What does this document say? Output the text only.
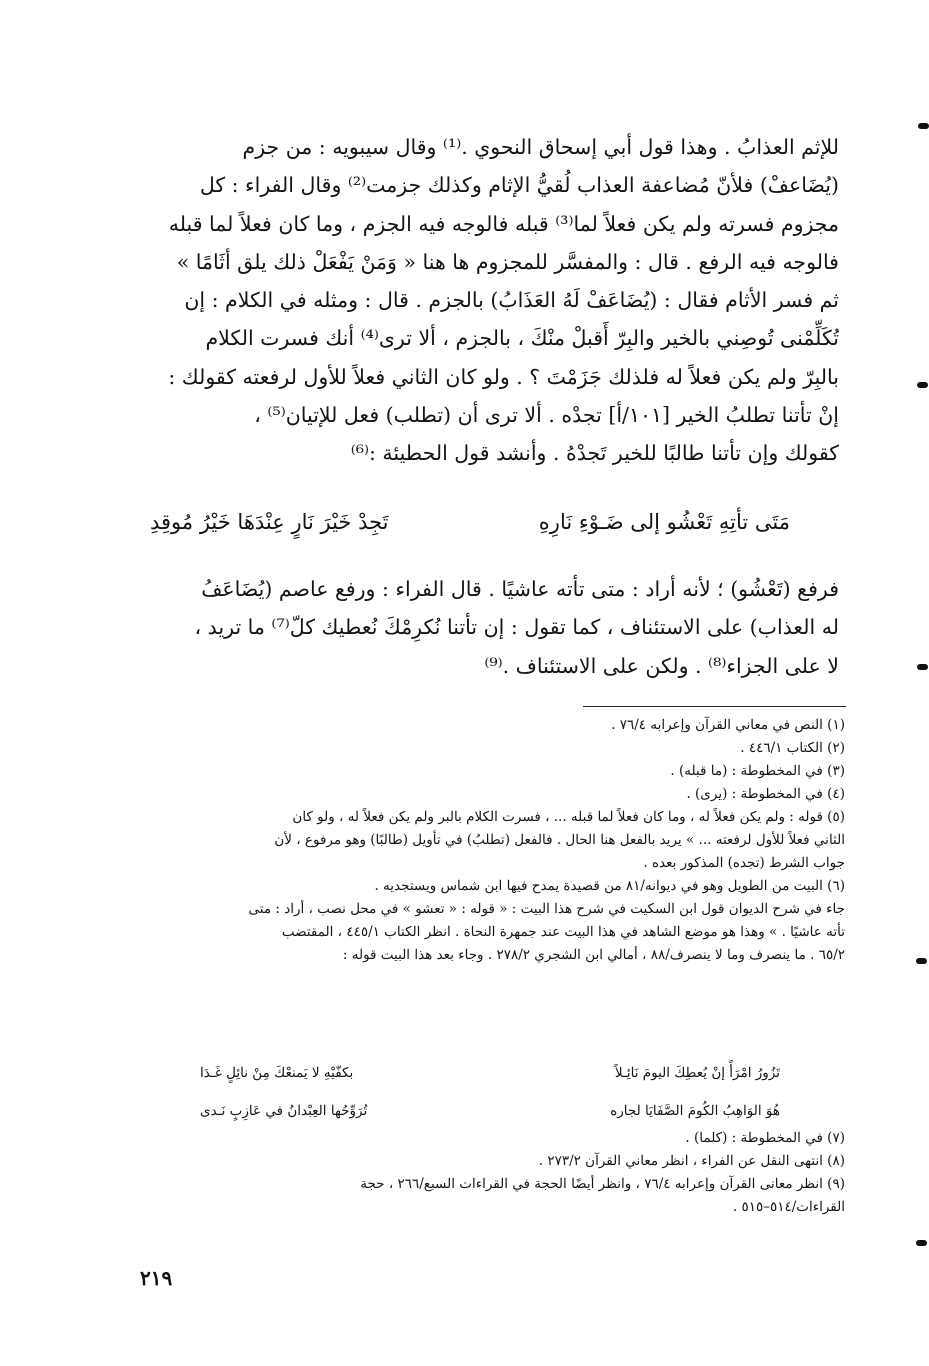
للإثم العذابُ . وهذا قول أبي إسحاق النحوي .⁽¹⁾ وقال سيبويه : من جزم
(يُضَاعفْ) فلأنّ مُضاعفة العذاب لُقيُّ الإثام وكذلك جزمت⁽²⁾ وقال الفراء : كل
مجزوم فسرته ولم يكن فعلاً لما⁽³⁾ قبله فالوجه فيه الجزم ، وما كان فعلاً لما قبله
فالوجه فيه الرفع . قال : والمفسَّر للمجزوم ها هنا « وَمَنْ يَفْعَلْ ذلك يلق أثَامًا »
ثم فسر الأثام فقال : (يُضَاعَفْ لَهُ العَذَابُ) بالجزم . قال : ومثله في الكلام : إن
تُكَلِّمْنى تُوصِني بالخير والبِرّ أَقبلْ منْكَ ، بالجزم ، ألا ترى⁽⁴⁾ أنك فسرت الكلام
بالبِرّ ولم يكن فعلاً له فلذلك جَزَمْتَ ؟ . ولو كان الثاني فعلاً للأول لرفعته كقولك :
إنْ تأتنا تطلبُ الخير [١٠١/أ] تجدْه . ألا ترى أن (تطلب) فعل للإتيان⁽⁵⁾ ،
كقولك وإن تأتنا طالبًا للخير تَجدْهُ . وأنشد قول الحطيئة :⁽⁶⁾
مَتَى تأتِهِ تَعْشُو إلى ضَـوْءِ نَارِهِ
تَجِدْ خَيْرَ نَارٍ عِنْدَهَا خَيْرُ مُوقِدِ
فرفع (تَعْشُو) ؛ لأنه أراد : متى تأته عاشيًا . قال الفراء : ورفع عاصم (يُضَاعَفُ
له العذاب) على الاستئناف ، كما تقول : إن تأتنا نُكرِمْكَ نُعطيك كلّ⁽⁷⁾ ما تريد ،
لا على الجزاء⁽⁸⁾ . ولكن على الاستئناف .⁽⁹⁾
(١) النص في معاني القرآن وإعرابه ٧٦/٤ .
(٢) الكتاب ٤٤٦/١ .
(٣) في المخطوطة : (ما قبله) .
(٤) في المخطوطة : (يرى) .
(٥) قوله : ولم يكن فعلاً له ، وما كان فعلاً لما قبله ... ، فسرت الكلام بالبر ولم يكن فعلاً له ، ولو كان
الثاني فعلاً للأول لرفعته ... » يريد بالفعل هنا الحال . فالفعل (تطلبُ) في تأويل (طالبًا) وهو مرفوع ، لأن
جواب الشرط (تجده) المذكور بعده .
(٦) البيت من الطويل وهو في ديوانه/٨١ من قصيدة يمدح فيها ابن شماس ويستجديه .
جاء في شرح الديوان قول ابن السكيت في شرح هذا البيت : « قوله : « تعشو » في محل نصب ، أراد : متى
تأته عاشيًا . » وهذا هو موضع الشاهد في هذا البيت عند جمهرة النحاة . انظر الكتاب ٤٤٥/١ ، المقتضب
٦٥/٢ . ما ينصرف وما لا ينصرف/٨٨ ، أمالي ابن الشجري ٢٧٨/٢ . وجاء بعد هذا البيت قوله :
تَزُورُ امْرَأً إنْ يُعطِكَ اليومَ نَائِـلاً
بكفّيْهِ لا يَمنعْكَ مِنْ نائِلٍ غَـدَا
هُوَ الوَاهِبُ الكُومَ الصَّفَايَا لجاره
تُرَوِّحُها العِبْدانُ في عَازِبٍ نَـدى
(٧) في المخطوطة : (كلما) .
(٨) انتهى النقل عن الفراء ، انظر معاني القرآن ٢٧٣/٢ .
(٩) انظر معانى القرآن وإعرابه ٧٦/٤ ، وانظر أيضًا الحجة في القراءات السبع/٢٦٦ ، حجة
القراءات/٥١٤–٥١٥ .
٢١٩
